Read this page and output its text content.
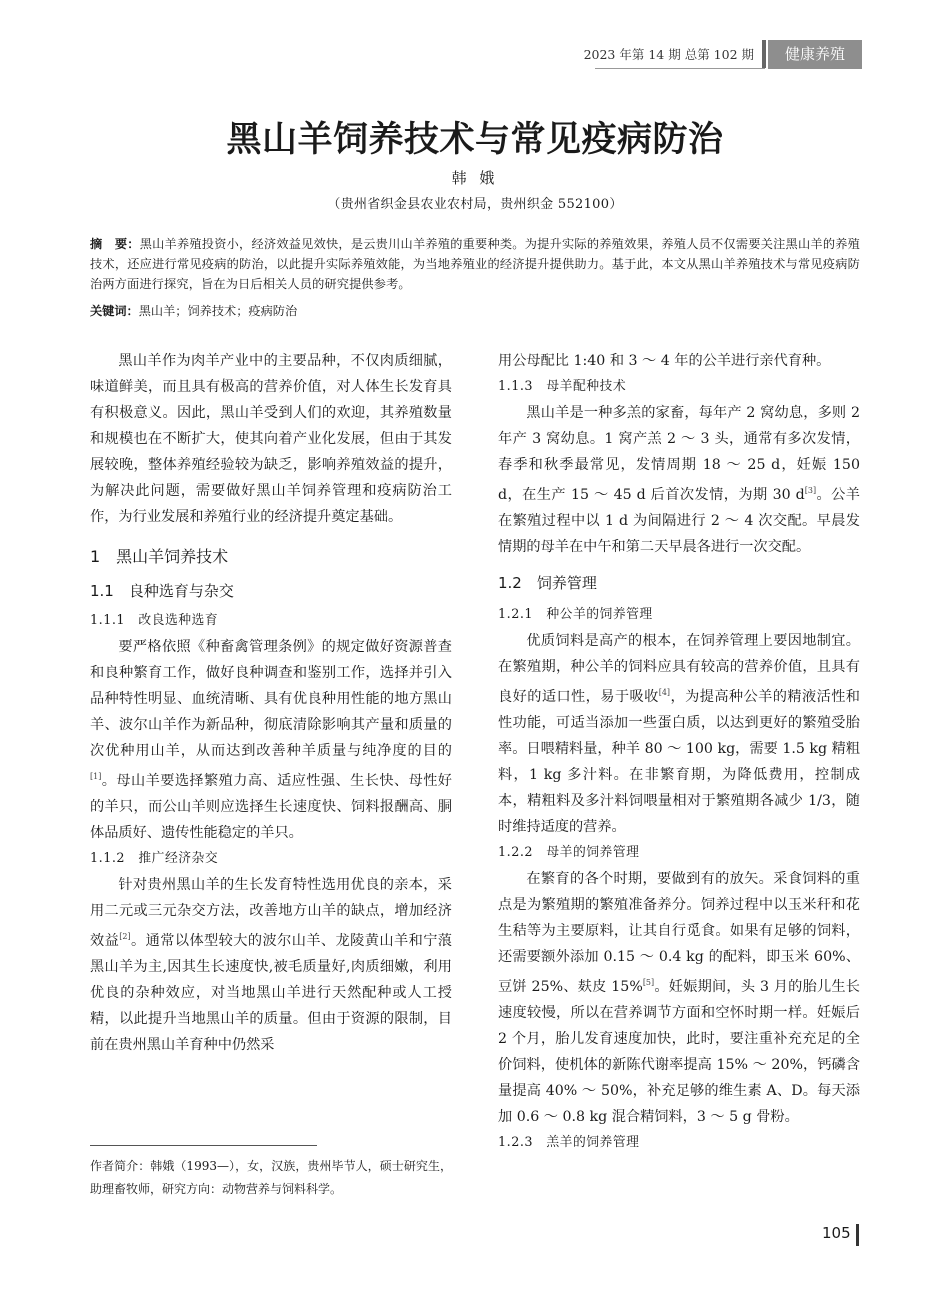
2023 年第 14 期 总第 102 期	健康养殖
黑山羊饲养技术与常见疫病防治
韩 娥
（贵州省织金县农业农村局，贵州织金 552100）
摘　要：黑山羊养殖投资小，经济效益见效快，是云贵川山羊养殖的重要种类。为提升实际的养殖效果，养殖人员不仅需要关注黑山羊的养殖技术，还应进行常见疫病的防治，以此提升实际养殖效能，为当地养殖业的经济提升提供助力。基于此，本文从黑山羊养殖技术与常见疫病防治两方面进行探究，旨在为日后相关人员的研究提供参考。
关键词：黑山羊；饲养技术；疫病防治

黑山羊作为肉羊产业中的主要品种，不仅肉质细腻，味道鲜美，而且具有极高的营养价值，对人体生长发育具有积极意义。因此，黑山羊受到人们的欢迎，其养殖数量和规模也在不断扩大，使其向着产业化发展，但由于其发展较晚，整体养殖经验较为缺乏，影响养殖效益的提升，为解决此问题，需要做好黑山羊饲养管理和疫病防治工作，为行业发展和养殖行业的经济提升奠定基础。

1　黑山羊饲养技术
1.1　良种选育与杂交
1.1.1　改良选种选育

要严格依照《种畜禽管理条例》的规定做好资源普查和良种繁育工作，做好良种调查和鉴别工作，选择并引入品种特性明显、血统清晰、具有优良种用性能的地方黑山羊、波尔山羊作为新品种，彻底清除影响其产量和质量的次优种用山羊，从而达到改善种羊质量与纯净度的目的[1]。母山羊要选择繁殖力高、适应性强、生长快、母性好的羊只，而公山羊则应选择生长速度快、饲料报酬高、胴体品质好、遗传性能稳定的羊只。

1.1.2　推广经济杂交

针对贵州黑山羊的生长发育特性选用优良的亲本，采用二元或三元杂交方法，改善地方山羊的缺点，增加经济效益[2]。通常以体型较大的波尔山羊、龙陵黄山羊和宁蒗黑山羊为主,因其生长速度快,被毛质量好,肉质细嫩，利用优良的杂种效应，对当地黑山羊进行天然配种或人工授精，以此提升当地黑山羊的质量。但由于资源的限制，目前在贵州黑山羊育种中仍然采

用公母配比 1:40 和 3 ～ 4 年的公羊进行亲代育种。

1.1.3　母羊配种技术

黑山羊是一种多羔的家畜，每年产 2 窝幼息，多则 2 年产 3 窝幼息。1 窝产羔 2 ～ 3 头，通常有多次发情，春季和秋季最常见，发情周期 18 ～ 25 d，妊娠 150 d，在生产 15 ～ 45 d 后首次发情，为期 30 d[3]。公羊在繁殖过程中以 1 d 为间隔进行 2 ～ 4 次交配。早晨发情期的母羊在中午和第二天早晨各进行一次交配。

1.2　饲养管理
1.2.1　种公羊的饲养管理

优质饲料是高产的根本，在饲养管理上要因地制宜。在繁殖期，种公羊的饲料应具有较高的营养价值，且具有良好的适口性，易于吸收[4]，为提高种公羊的精液活性和性功能，可适当添加一些蛋白质，以达到更好的繁殖受胎率。日喂精料量，种羊 80 ～ 100 kg，需要 1.5 kg 精粗料，1 kg 多汁料。在非繁育期，为降低费用，控制成本，精粗料及多汁料饲喂量相对于繁殖期各减少 1/3，随时维持适度的营养。

1.2.2　母羊的饲养管理

在繁育的各个时期，要做到有的放矢。采食饲料的重点是为繁殖期的繁殖准备养分。饲养过程中以玉米秆和花生秸等为主要原料，让其自行觅食。如果有足够的饲料，还需要额外添加 0.15 ～ 0.4 kg 的配料，即玉米 60%、豆饼 25%、麸皮 15%[5]。妊娠期间，头 3 月的胎儿生长速度较慢，所以在营养调节方面和空怀时期一样。妊娠后 2 个月，胎儿发育速度加快，此时，要注重补充充足的全价饲料，使机体的新陈代谢率提高 15% ～ 20%，钙磷含量提高 40% ～ 50%，补充足够的维生素 A、D。每天添加 0.6 ～ 0.8 kg 混合精饲料，3 ～ 5 g 骨粉。

1.2.3　羔羊的饲养管理
作者简介：韩娥（1993—），女，汉族，贵州毕节人，硕士研究生，助理畜牧师，研究方向：动物营养与饲料科学。
105
